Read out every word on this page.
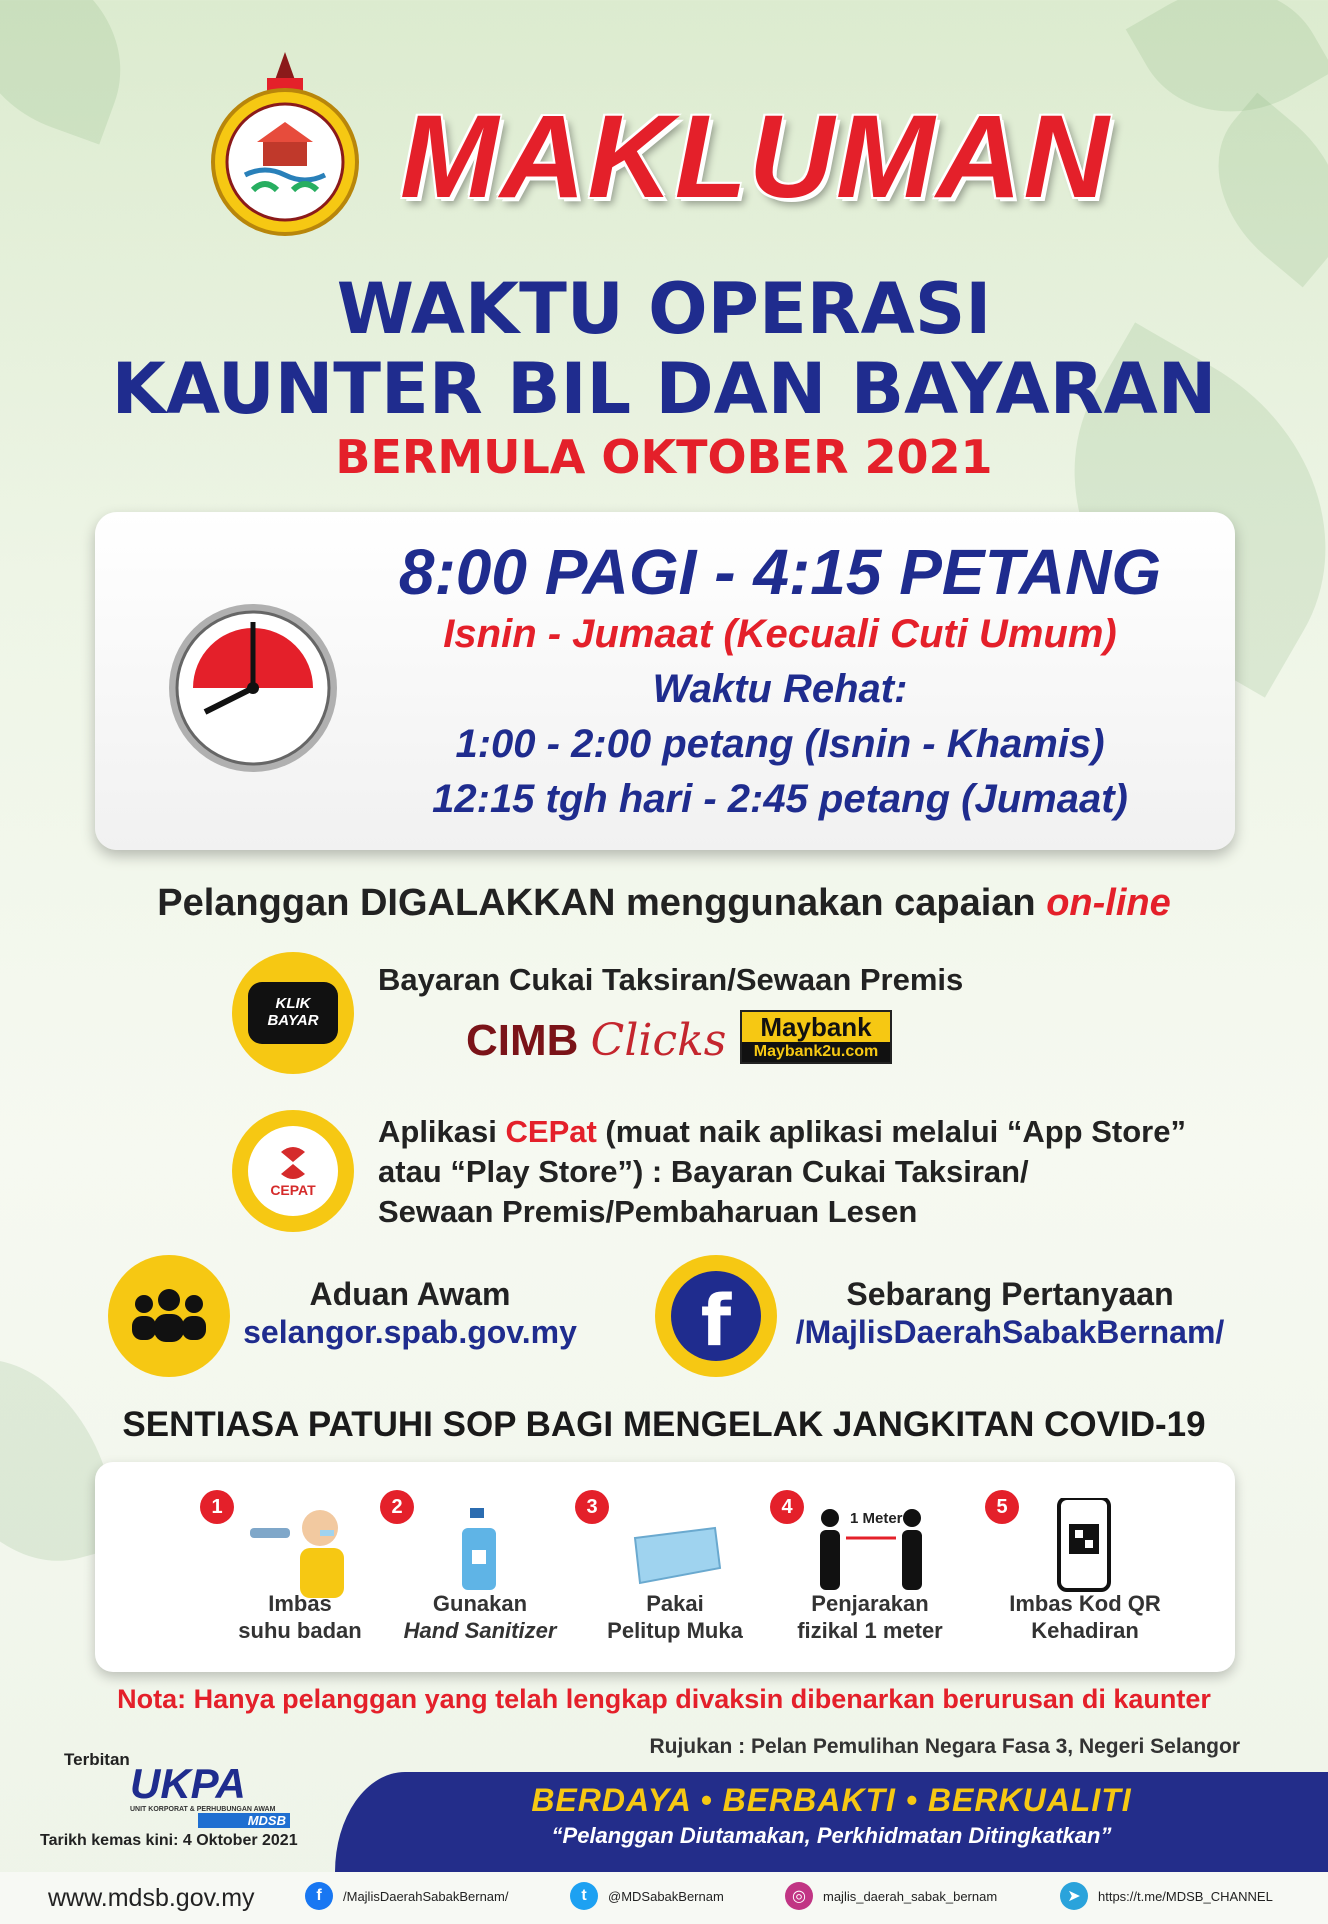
MAKLUMAN
WAKTU OPERASI
KAUNTER BIL DAN BAYARAN
BERMULA OKTOBER 2021
8:00 PAGI - 4:15 PETANG
Isnin - Jumaat (Kecuali Cuti Umum)
Waktu Rehat:
1:00 - 2:00 petang (Isnin - Khamis)
12:15 tgh hari - 2:45 petang (Jumaat)
Pelanggan DIGALAKKAN menggunakan capaian on-line
KLIK
BAYAR
Bayaran Cukai Taksiran/Sewaan Premis
CIMB Clicks	Maybank
Maybank2u.com
CEPAT
Aplikasi CEPat (muat naik aplikasi melalui “App Store”
atau “Play Store”) : Bayaran Cukai Taksiran/
Sewaan Premis/Pembaharuan Lesen
Aduan Awam
selangor.spab.gov.my	f	Sebarang Pertanyaan
/MajlisDaerahSabakBernam/
SENTIASA PATUHI SOP BAGI MENGELAK JANGKITAN COVID-19
1
Imbas
suhu badan
2
Gunakan
Hand Sanitizer
3
Pakai
Pelitup Muka
4
1 Meter
Penjarakan
fizikal 1 meter
5
Imbas Kod QR
Kehadiran
Nota: Hanya pelanggan yang telah lengkap divaksin dibenarkan berurusan di kaunter
Rujukan : Pelan Pemulihan Negara Fasa 3, Negeri Selangor
Terbitan
UKPA
UNIT KORPORAT & PERHUBUNGAN AWAM
MDSB
Tarikh kemas kini: 4 Oktober 2021
BERDAYA • BERBAKTI • BERKUALITI
“Pelanggan Diutamakan, Perkhidmatan Ditingkatkan”
www.mdsb.gov.my	f	/MajlisDaerahSabakBernam/	t	@MDSabakBernam	◎	majlis_daerah_sabak_bernam	➤	https://t.me/MDSB_CHANNEL
